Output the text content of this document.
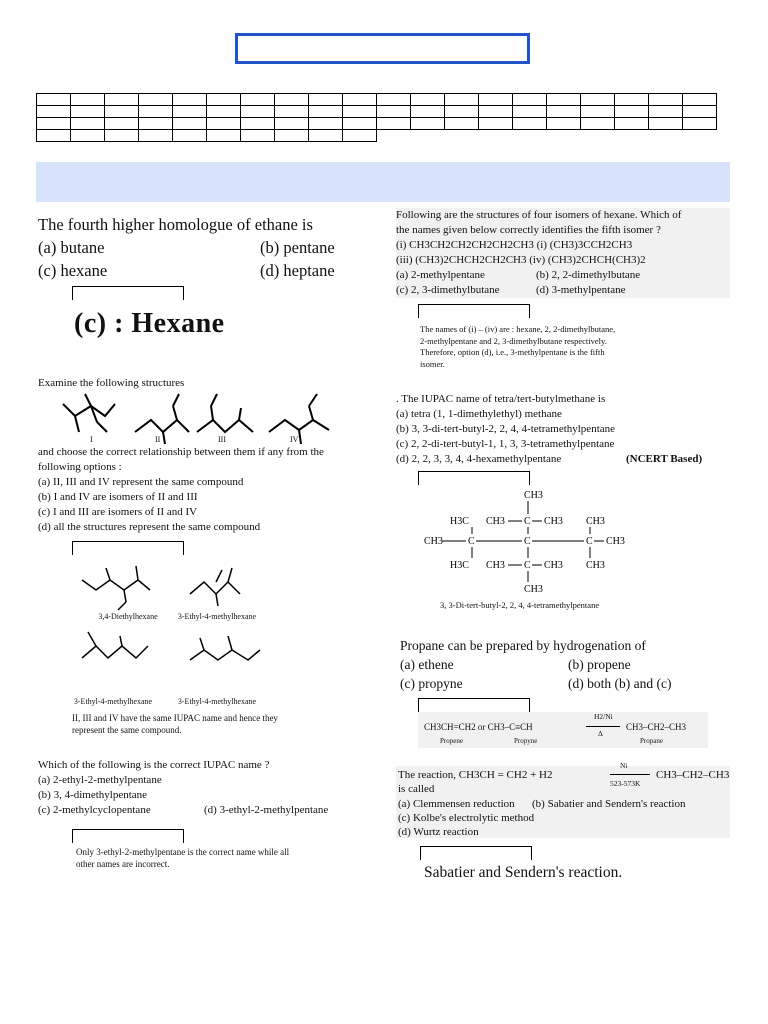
The fourth higher homologue of ethane is
(a) butane	(b) pentane
(c) hexane	(d) heptane
(c) : Hexane
Examine the following structures
I	II	III	IV
and choose the correct relationship between them if any from the
following options :
(a) II, III and IV represent the same compound
(b) I and IV are isomers of II and III
(c) I and III are isomers of II and IV
(d) all the structures represent the same compound
3,4-Diethylhexane	3-Ethyl-4-methylhexane
3-Ethyl-4-methylhexane	3-Ethyl-4-methylhexane
II, III and IV have the same IUPAC name and hence they
represent the same compound.
Which of the following is the correct IUPAC name ?
(a) 2-ethyl-2-methylpentane
(b) 3, 4-dimethylpentane
(c) 2-methylcyclopentane	(d) 3-ethyl-2-methylpentane
Only 3-ethyl-2-methylpentane is the correct name while all
other names are incorrect.
Following are the structures of four isomers of hexane. Which of
the names given below correctly identifies the fifth isomer ?
(i) CH3CH2CH2CH2CH2CH3 (i) (CH3)3CCH2CH3
(iii) (CH3)2CHCH2CH2CH3 (iv) (CH3)2CHCH(CH3)2
(a) 2-methylpentane	(b) 2, 2-dimethylbutane
(c) 2, 3-dimethylbutane	(d) 3-methylpentane
The names of (i) – (iv) are : hexane, 2, 2-dimethylbutane,
2-methylpentane and 2, 3-dimethylbutane respectively.
Therefore, option (d), i.e., 3-methylpentane is the fifth
isomer.
. The IUPAC name of tetra/tert-butylmethane is
(a) tetra (1, 1-dimethylethyl) methane
(b) 3, 3-di-tert-butyl-2, 2, 4, 4-tetramethylpentane
(c) 2, 2-di-tert-butyl-1, 1, 3, 3-tetramethylpentane
(d) 2, 2, 3, 3, 4, 4-hexamethylpentane	(NCERT Based)
CH3
H3C CH3 C CH3 CH3
CH3	C	C	C CH3
H3C CH3 C CH3 CH3
CH3
3, 3-Di-tert-butyl-2, 2, 4, 4-tetramethylpentane
Propane can be prepared by hydrogenation of
(a) ethene	(b) propene
(c) propyne	(d) both (b) and (c)
CH3CH=CH2 or CH3–C≡CH
H2/Ni
Δ
CH3–CH2–CH3
Propene	Propyne	Propane
The reaction, CH3CH = CH2 + H2
Ni
523-573K
CH3–CH2–CH3
is called
(a) Clemmensen reduction (b) Sabatier and Sendern's reaction
(c) Kolbe's electrolytic method
(d) Wurtz reaction
Sabatier and Sendern's reaction.
